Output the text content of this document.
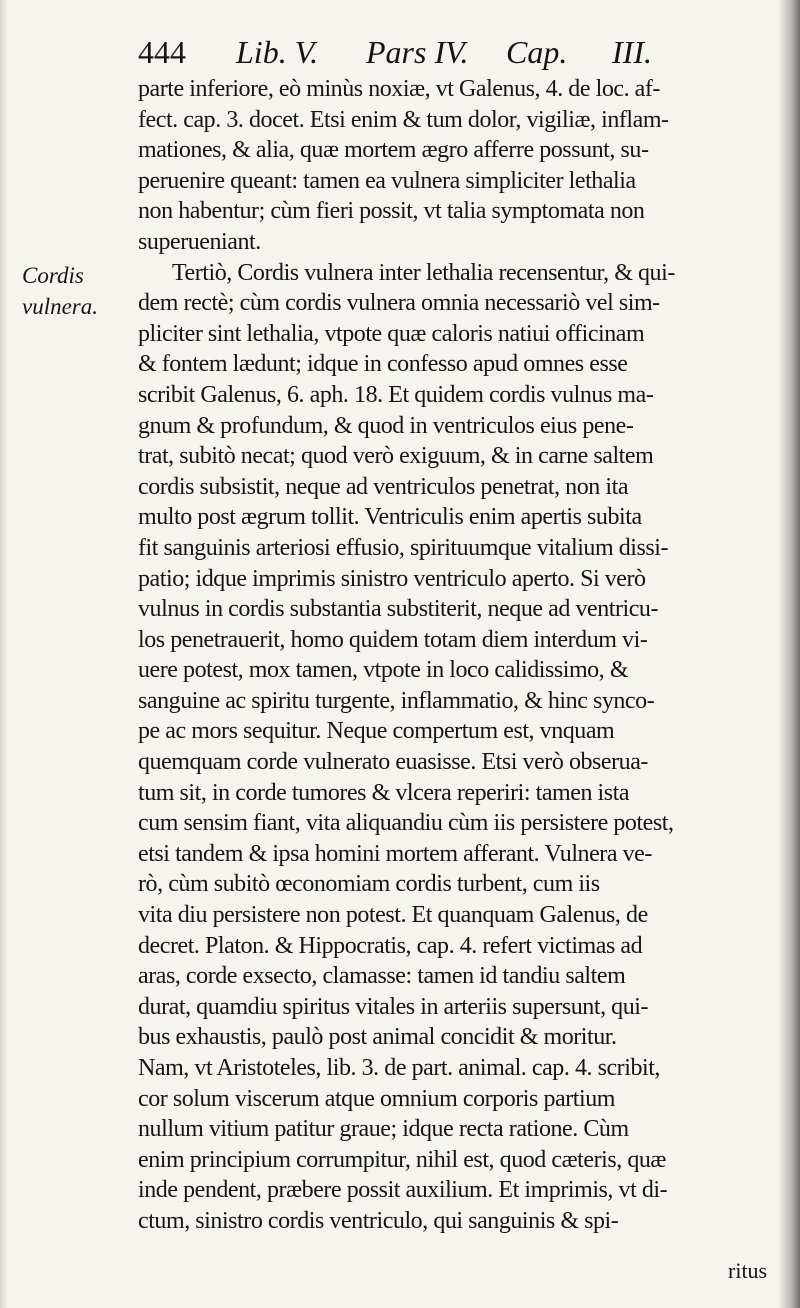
444 Lib. V. Pars IV. Cap. III.
Cordis
vulnera.
parte inferiore, eò minùs noxiæ, vt Galenus, 4. de loc. af-
fect. cap. 3. docet. Etsi enim & tum dolor, vigiliæ, inflam-
mationes, & alia, quæ mortem ægro afferre possunt, su-
peruenire queant: tamen ea vulnera simpliciter lethalia
non habentur; cùm fieri possit, vt talia symptomata non
superueniant.
Tertiò, Cordis vulnera inter lethalia recensentur, & qui-
dem rectè; cùm cordis vulnera omnia necessariò vel sim-
pliciter sint lethalia, vtpote quæ caloris natiui officinam
& fontem lædunt; idque in confesso apud omnes esse
scribit Galenus, 6. aph. 18. Et quidem cordis vulnus ma-
gnum & profundum, & quod in ventriculos eius pene-
trat, subitò necat; quod verò exiguum, & in carne saltem
cordis subsistit, neque ad ventriculos penetrat, non ita
multo post ægrum tollit. Ventriculis enim apertis subita
fit sanguinis arteriosi effusio, spirituumque vitalium dissi-
patio; idque imprimis sinistro ventriculo aperto. Si verò
vulnus in cordis substantia substiterit, neque ad ventricu-
los penetrauerit, homo quidem totam diem interdum vi-
uere potest, mox tamen, vtpote in loco calidissimo, &
sanguine ac spiritu turgente, inflammatio, & hinc synco-
pe ac mors sequitur. Neque compertum est, vnquam
quemquam corde vulnerato euasisse. Etsi verò obserua-
tum sit, in corde tumores & vlcera reperiri: tamen ista
cum sensim fiant, vita aliquandiu cùm iis persistere potest,
etsi tandem & ipsa homini mortem afferant. Vulnera ve-
rò, cùm subitò œconomiam cordis turbent, cum iis
vita diu persistere non potest. Et quanquam Galenus, de
decret. Platon. & Hippocratis, cap. 4. refert victimas ad
aras, corde exsecto, clamasse: tamen id tandiu saltem
durat, quamdiu spiritus vitales in arteriis supersunt, qui-
bus exhaustis, paulò post animal concidit & moritur.
Nam, vt Aristoteles, lib. 3. de part. animal. cap. 4. scribit,
cor solum viscerum atque omnium corporis partium
nullum vitium patitur graue; idque recta ratione. Cùm
enim principium corrumpitur, nihil est, quod cæteris, quæ
inde pendent, præbere possit auxilium. Et imprimis, vt di-
ctum, sinistro cordis ventriculo, qui sanguinis & spi-
ritus
